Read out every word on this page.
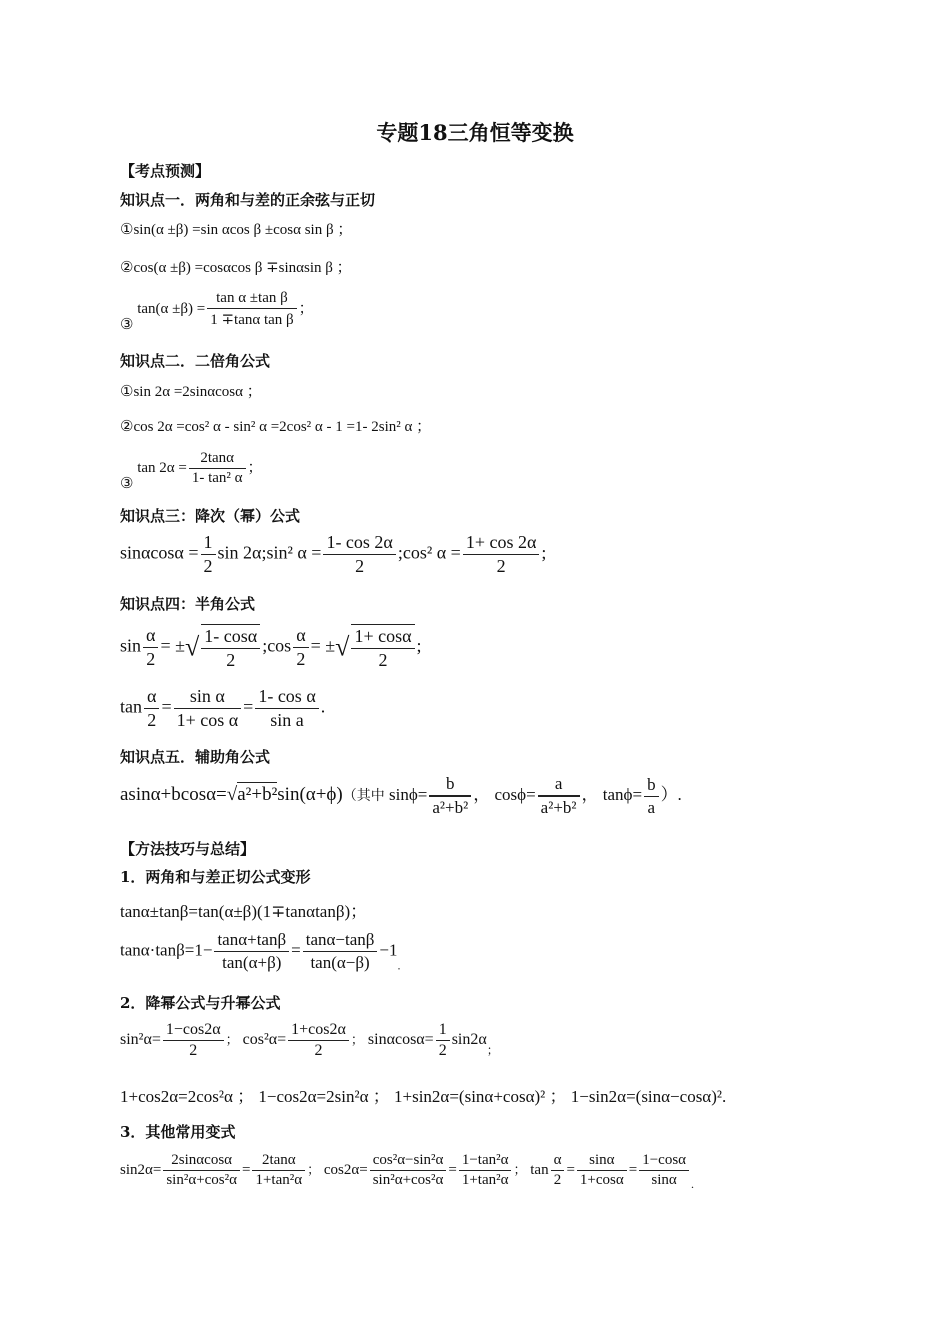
专题18三角恒等变换
【考点预测】
知识点一．两角和与差的正余弦与正切
①sin(α ±β) =sin αcos β ±cosα sin β ；
②cos(α ±β) =cosαcos β ∓sinαsin β ；
③ $\tan(\alpha \pm\beta) = \frac{\text{tan α ±tan β}}{\text{1 ∓tanα tan β}}$ ；
知识点二．二倍角公式
①sin 2α =2sinαcosα ；
②cos 2α =cos² α - sin² α =2cos² α - 1 =1- 2sin² α ；
③ $\tan 2\alpha = \frac{2\tan\alpha}{\text{1- tan² α}}$ ；
知识点三：降次（幂）公式
$\sin\alpha\cos\alpha = \frac{1}{2}$ sin 2α;sin² $\alpha = \frac{1- \cos 2\alpha}{2}$ ;cos² $\alpha = \frac{1+ \cos 2\alpha}{2}$ ;
知识点四：半角公式
$\sin \frac{\alpha}{2}$ = ±√ $\frac{1- \cos\alpha}{2}$ ;cos $\frac{\alpha}{2}$ = ±√ $\frac{1+ \cos\alpha}{2}$ ;
$\tan \frac{\alpha}{2} = \frac{\text{sin α}}{\text{1+ cos α}} = \frac{\text{1- cos α}}{\text{sin a}}$ .
知识点五．辅助角公式
asinα+bcosα=√a²+b²sin(α+ϕ)（其中 $\sin\phi= \frac{b}{\text{a²+b²}}$ ， $\cos\phi= \frac{a}{\text{a²+b²}}$ ， $\tan\phi= \frac{b}{a}$ ）.
【方法技巧与总结】
1．两角和与差正切公式变形
tanα±tanβ=tan(α±β)(1∓tanαtanβ)；
$\tan\alpha\cdot\tan\beta=1- \frac{\tan\alpha+\tan\beta}{\tan(\alpha+\beta)} = \frac{\tan\alpha-\tan\beta}{\tan(\alpha-\beta)} -1_.$
2．降幂公式与升幂公式
$\sin^2\alpha= \frac{1-\cos 2\alpha}{2}$ ； $\cos^2\alpha= \frac{1+\cos 2\alpha}{2}$ ； $\sin\alpha\cos\alpha= \frac{1}{2} \sin 2\alpha_;$
1+cos2α=2cos²α ； 1−cos2α=2sin²α ； 1+sin2α=(sinα+cosα)² ； 1−sin2α=(sinα−cosα)².
3．其他常用变式
$\sin 2\alpha= \frac{2\sin\alpha\cos\alpha}{\text{sin²α+cos²α}} = \frac{2\tan\alpha}{\text{1+tan²α}}$ ； $\cos 2\alpha= \frac{\text{cos²α−sin²α}}{\text{sin²α+cos²α}} = \frac{\text{1−tan²α}}{\text{1+tan²α}}$ ； $\tan \frac{\alpha}{2} = \frac{\sin\alpha}{1+\cos\alpha} = \frac{1-\cos\alpha}{\sin\alpha} _.$
